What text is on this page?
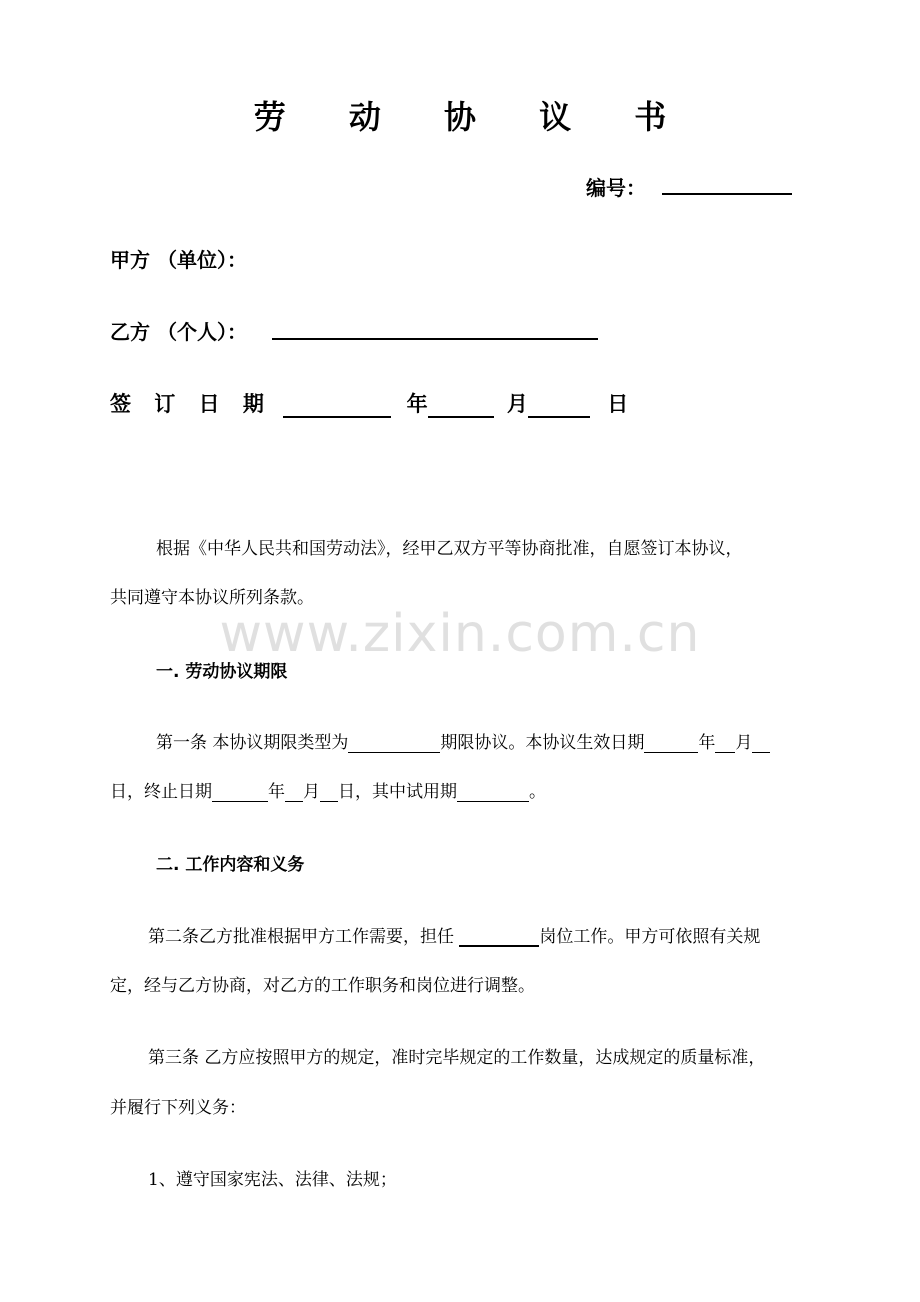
劳 动 协 议 书
编号：
甲方 （单位）：
乙方 （个人）：
签 订 日 期	年	月	日
根据《中华人民共和国劳动法》，经甲乙双方平等协商批准，自愿签订本协议，
共同遵守本协议所列条款。
www.zixin.com.cn
一. 劳动协议期限
第一条 本协议期限类型为	期限协议。本协议生效日期	年 月
日，终止日期	年 月 日，其中试用期	。
二. 工作内容和义务
第二条乙方批准根据甲方工作需要，担任	岗位工作。甲方可依照有关规
定，经与乙方协商，对乙方的工作职务和岗位进行调整。
第三条 乙方应按照甲方的规定，准时完毕规定的工作数量，达成规定的质量标准，
并履行下列义务：
1、遵守国家宪法、法律、法规；
